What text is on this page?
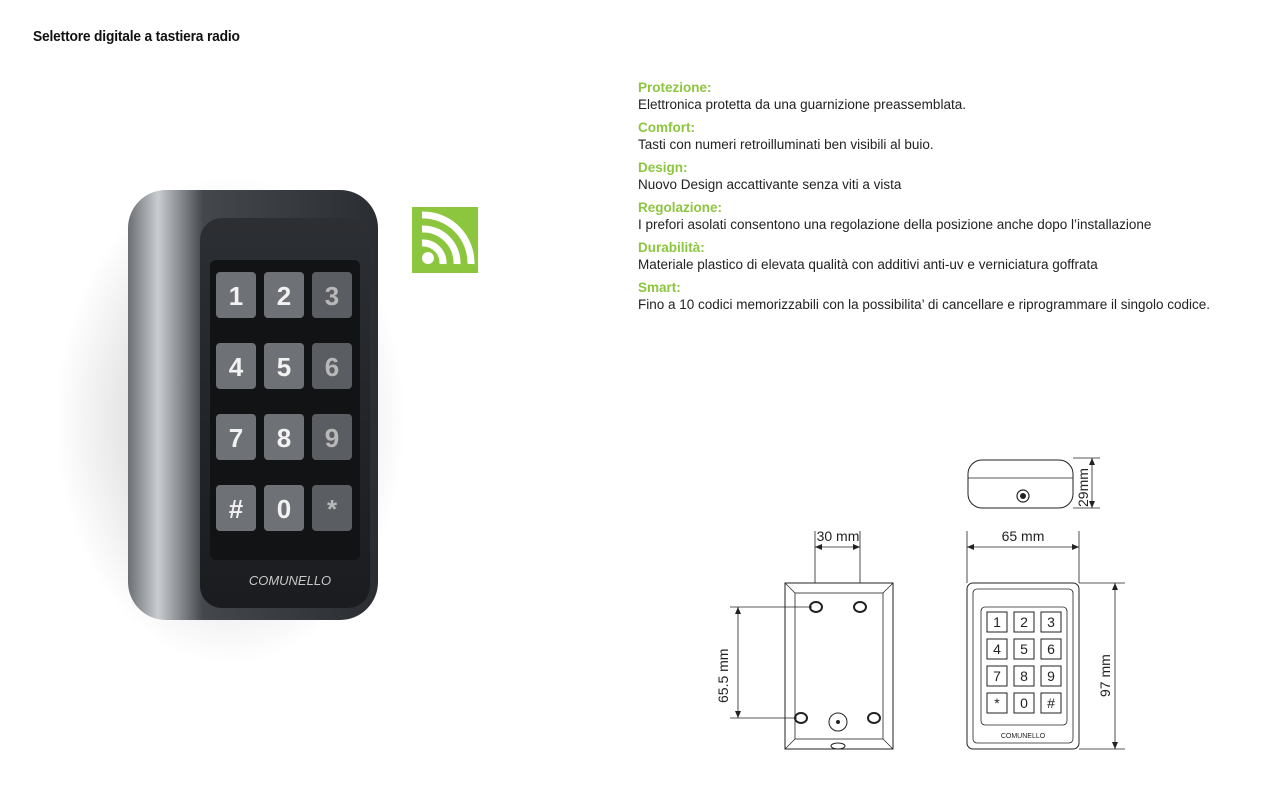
Selettore digitale a tastiera radio
1 2 3
4 5 6
7 8 9
# 0 *
COMUNELLO
Protezione:
Elettronica protetta da una guarnizione preassemblata.
Comfort:
Tasti con numeri retroilluminati ben visibili al buio.
Design:
Nuovo Design accattivante senza viti a vista
Regolazione:
I prefori asolati consentono una regolazione della posizione anche dopo l’installazione
Durabilità:
Materiale plastico di elevata qualità con additivi anti-uv e verniciatura goffrata
Smart:
Fino a 10 codici memorizzabili con la possibilita’ di cancellare e riprogrammare il singolo codice.
29mm
30 mm
65.5 mm
65 mm
1 2 3
4 5 6
7 8 9
* 0 #
COMUNELLO
97 mm
